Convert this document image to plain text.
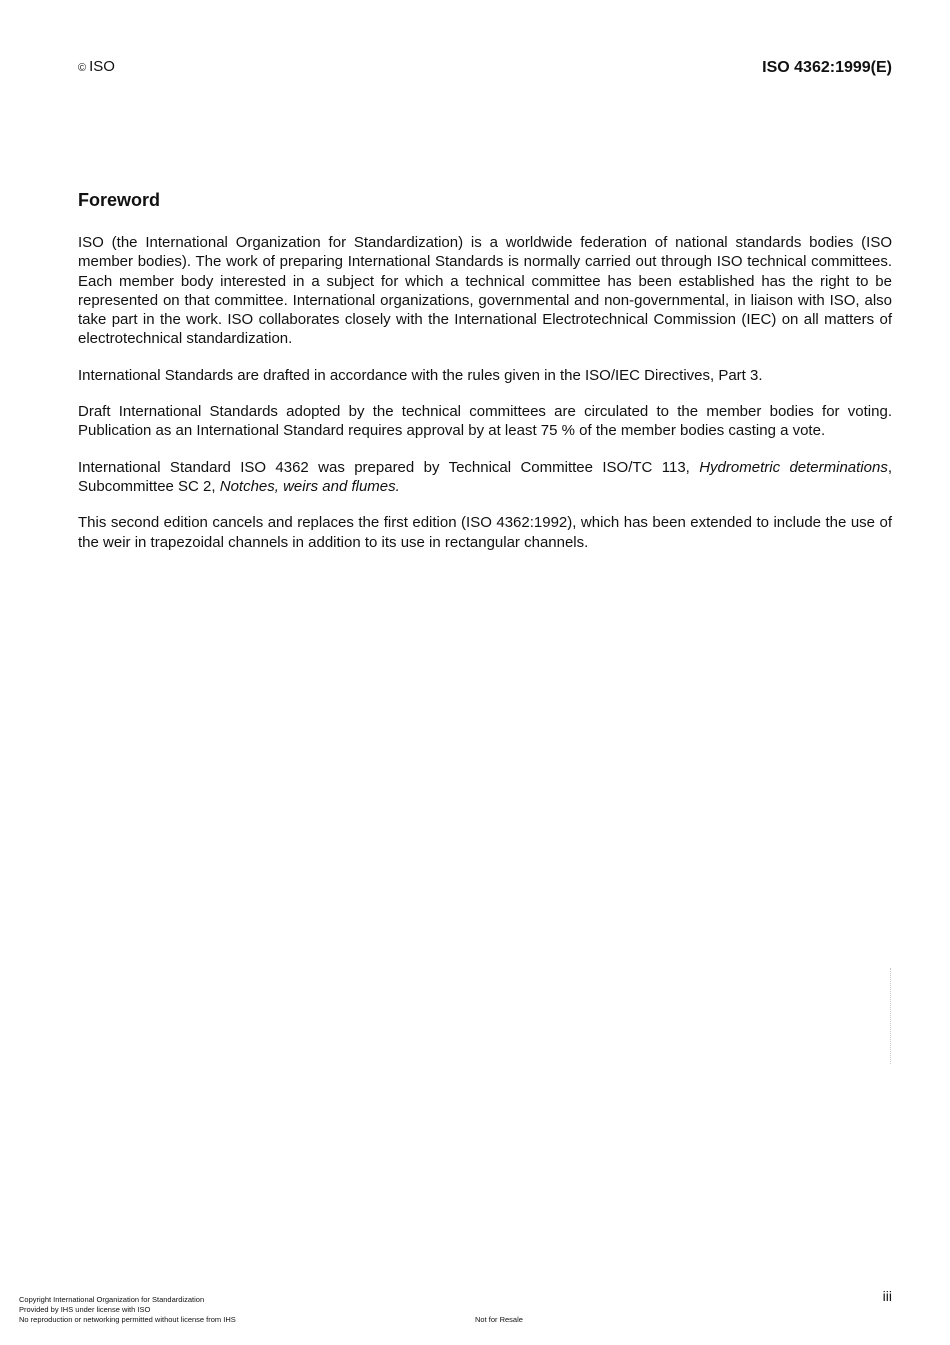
© ISO	ISO 4362:1999(E)
Foreword

ISO (the International Organization for Standardization) is a worldwide federation of national standards bodies (ISO member bodies). The work of preparing International Standards is normally carried out through ISO technical committees. Each member body interested in a subject for which a technical committee has been established has the right to be represented on that committee. International organizations, governmental and non-governmental, in liaison with ISO, also take part in the work. ISO collaborates closely with the International Electrotechnical Commission (IEC) on all matters of electrotechnical standardization.

International Standards are drafted in accordance with the rules given in the ISO/IEC Directives, Part 3.

Draft International Standards adopted by the technical committees are circulated to the member bodies for voting. Publication as an International Standard requires approval by at least 75 % of the member bodies casting a vote.

International Standard ISO 4362 was prepared by Technical Committee ISO/TC 113, Hydrometric determinations, Subcommittee SC 2, Notches, weirs and flumes.

This second edition cancels and replaces the first edition (ISO 4362:1992), which has been extended to include the use of the weir in trapezoidal channels in addition to its use in rectangular channels.

iii
Copyright International Organization for Standardization
Provided by IHS under license with ISO
No reproduction or networking permitted without license from IHS	Not for Resale
